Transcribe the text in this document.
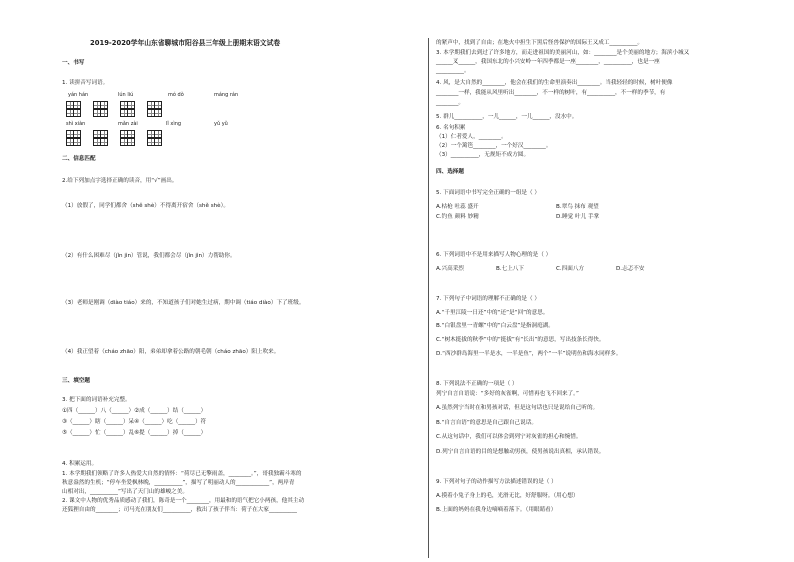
2019-2020学年山东省聊城市阳谷县三年级上册期末语文试卷
一、书写
1. 读拼音写词语。
yán hán	lún liú	mó dǒ	máng rán
shì xiàn	mǎn zài	lǐ xìng	yǔ yǔ
二、信息匹配
2.给下列加点字选择正确的读音，用“√”画出。
（1）放假了，同学们都舍（shě shè）不得离开宿舍（shě shè）。
（2）有什么困难尽（jǐn jìn）管说，我们都会尽（jǐn jìn）力帮助你。
（3）老师是刚调（diào tiáo）来的，不知道孩子们对她生过病，期中调（tiáo diào）下了班级。
（4）我正望着（cháo zhāo）阳，弟弟却拿着公路的朝毛朝（cháo zhāo）阳上吹来。
三、填空题
3. 把下面的词语补充完整。
①四（______）八（______）②成（______）结（______）
③（______）瞎（______）呆④（______）吃（______）符
⑤（______）忙（______）乱⑥提（______）掉（______）
4. 积累运用。
1. 本学期我们领略了许多人热爱大自然的情怀：“荷尽已无擎雨盖，________。”，哥我独霸斗寒的
秋意盎然的生机；“停车坐爱枫林晚，__________”，描写了明丽动人的____________”，两岸青
山相对出，__________”写出了天门山的雄峻之美。
2. 课文中人物的优秀品质感动了我们，陈奇是一个________，用最和的语气把它小两孩，他其主动
还狐狸自由的________；司马光在朋友们__________，救出了孩子伴当：荷子在大家__________
的紧声中，找到了自由；在地火中担生下黑后怪兽保护的国际王又成工__________。
3. 本学期我们去到过了许多地方，而走进祖国的美丽河山，如：________是个美丽的地方；海滨小城又
______叉______，我国东北的小兴安岭一年四季都是一座________，__________，也是一座
__________。
4. 风，是大自然的________，他会在我们的生命里演奏出________。当我轻轻的时候，树叶便像
________一样，我能从风里听出________，不一样的树叶，有__________，不一样的季节，有
________。
5. 群儿__________，一儿______，一儿______，没水中。
6. 名句积累
（1）仁者爱人，________。
（2）一个篱笆________，一个好汉________。
（3）__________，无规矩不成方圆。
四、选择题
5. 下面词语中书写完全正确的一组是（ ）
A.枯枪 吐蕊 盛开	B.翠鸟 抹布 观望
C.钓鱼 颜料 妙精	D.睡觉 叶儿 手掌
6. 下列词语中不是用来描写人物心理的是（ ）
A.兴高采烈	B.七上八下	C.四面八方	D.忐忑不安
7. 下列句子中词语的理解不正确的是（ ）
A.“千里江陵一日还”中的“还”是“回”的意思。
B.“白银盘里一青螺”中的“白云盘”是指洞庭湖。
C.“树木挺拔的秋季”中的“挺拔”有“长出”的意思，写出技条长得快。
D.“西沙群岛海里一半是水，一半是鱼”，两个“一半”说明鱼和海水同样多。
8. 下列说法不正确的一项是（ ）
列宁自言自语说：“多好的灰雀啊，可惜再也飞不回来了。”
A.虽然列宁当时在和男孩对话，但是这句话也只是说给自己听的。
B.“自言自语”的意思是自己跟自己说话。
C.从这句话中，我们可以体会到列宁对灰雀的担心和惋惜。
D.列宁自言自语的目的是想触动男孩，使男孩说出真相，承认错误。
9. 下列对句子的动作描写方法描述错误的是（ ）
A.摸着小兔子身上的毛，光滑无比，好舒服呀。（用心想）
B.上面的妈妈在我身边嘀嘀着落下。（用眼睛看）
